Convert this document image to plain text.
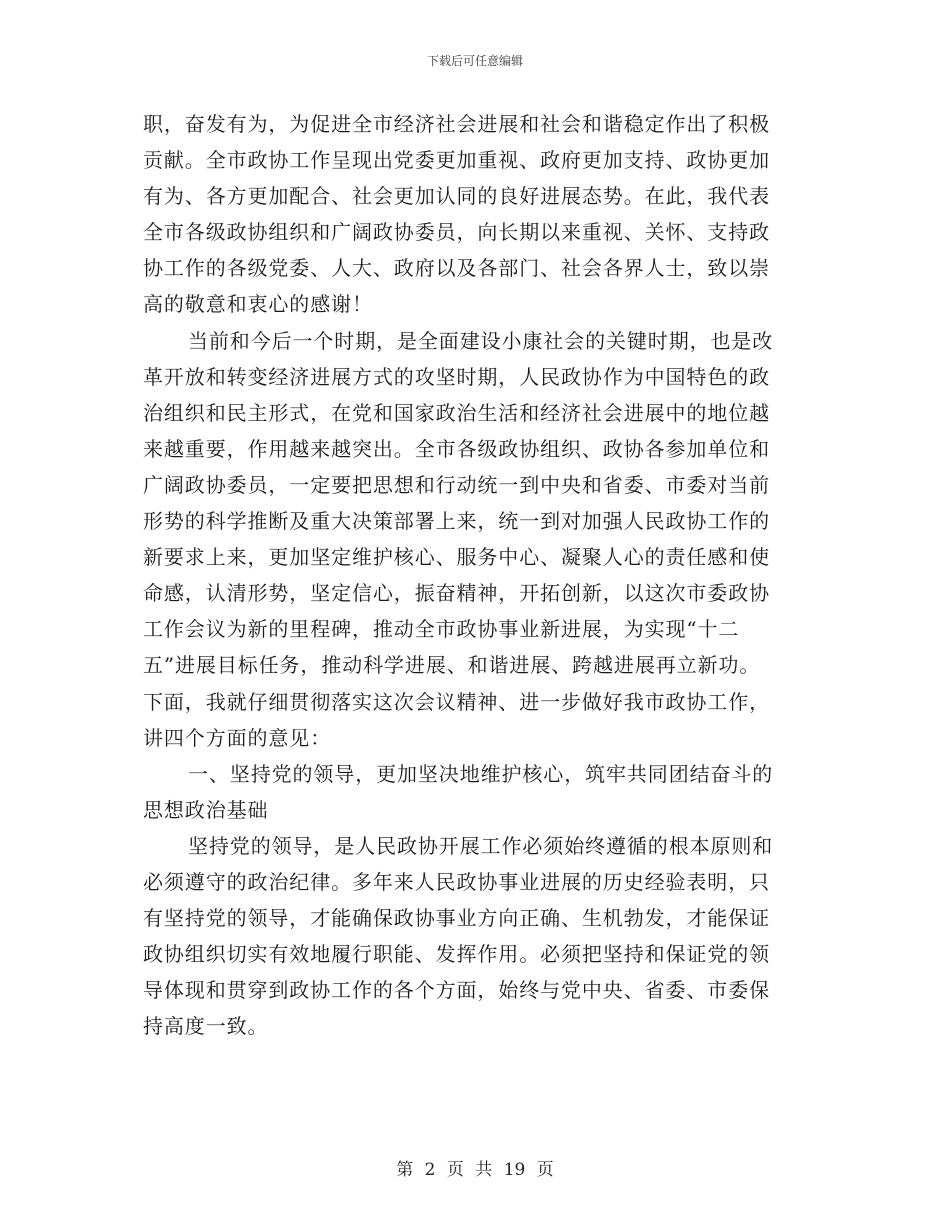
下载后可任意编辑
职，奋发有为，为促进全市经济社会进展和社会和谐稳定作出了积极
贡献。全市政协工作呈现出党委更加重视、政府更加支持、政协更加
有为、各方更加配合、社会更加认同的良好进展态势。在此，我代表
全市各级政协组织和广阔政协委员，向长期以来重视、关怀、支持政
协工作的各级党委、人大、政府以及各部门、社会各界人士，致以崇
高的敬意和衷心的感谢！
当前和今后一个时期，是全面建设小康社会的关键时期，也是改
革开放和转变经济进展方式的攻坚时期，人民政协作为中国特色的政
治组织和民主形式，在党和国家政治生活和经济社会进展中的地位越
来越重要，作用越来越突出。全市各级政协组织、政协各参加单位和
广阔政协委员，一定要把思想和行动统一到中央和省委、市委对当前
形势的科学推断及重大决策部署上来，统一到对加强人民政协工作的
新要求上来，更加坚定维护核心、服务中心、凝聚人心的责任感和使
命感，认清形势，坚定信心，振奋精神，开拓创新，以这次市委政协
工作会议为新的里程碑，推动全市政协事业新进展，为实现“十二
五”进展目标任务，推动科学进展、和谐进展、跨越进展再立新功。
下面，我就仔细贯彻落实这次会议精神、进一步做好我市政协工作，
讲四个方面的意见：
一、坚持党的领导，更加坚决地维护核心，筑牢共同团结奋斗的
思想政治基础
坚持党的领导，是人民政协开展工作必须始终遵循的根本原则和
必须遵守的政治纪律。多年来人民政协事业进展的历史经验表明，只
有坚持党的领导，才能确保政协事业方向正确、生机勃发，才能保证
政协组织切实有效地履行职能、发挥作用。必须把坚持和保证党的领
导体现和贯穿到政协工作的各个方面，始终与党中央、省委、市委保
持高度一致。
第 2 页 共 19 页
